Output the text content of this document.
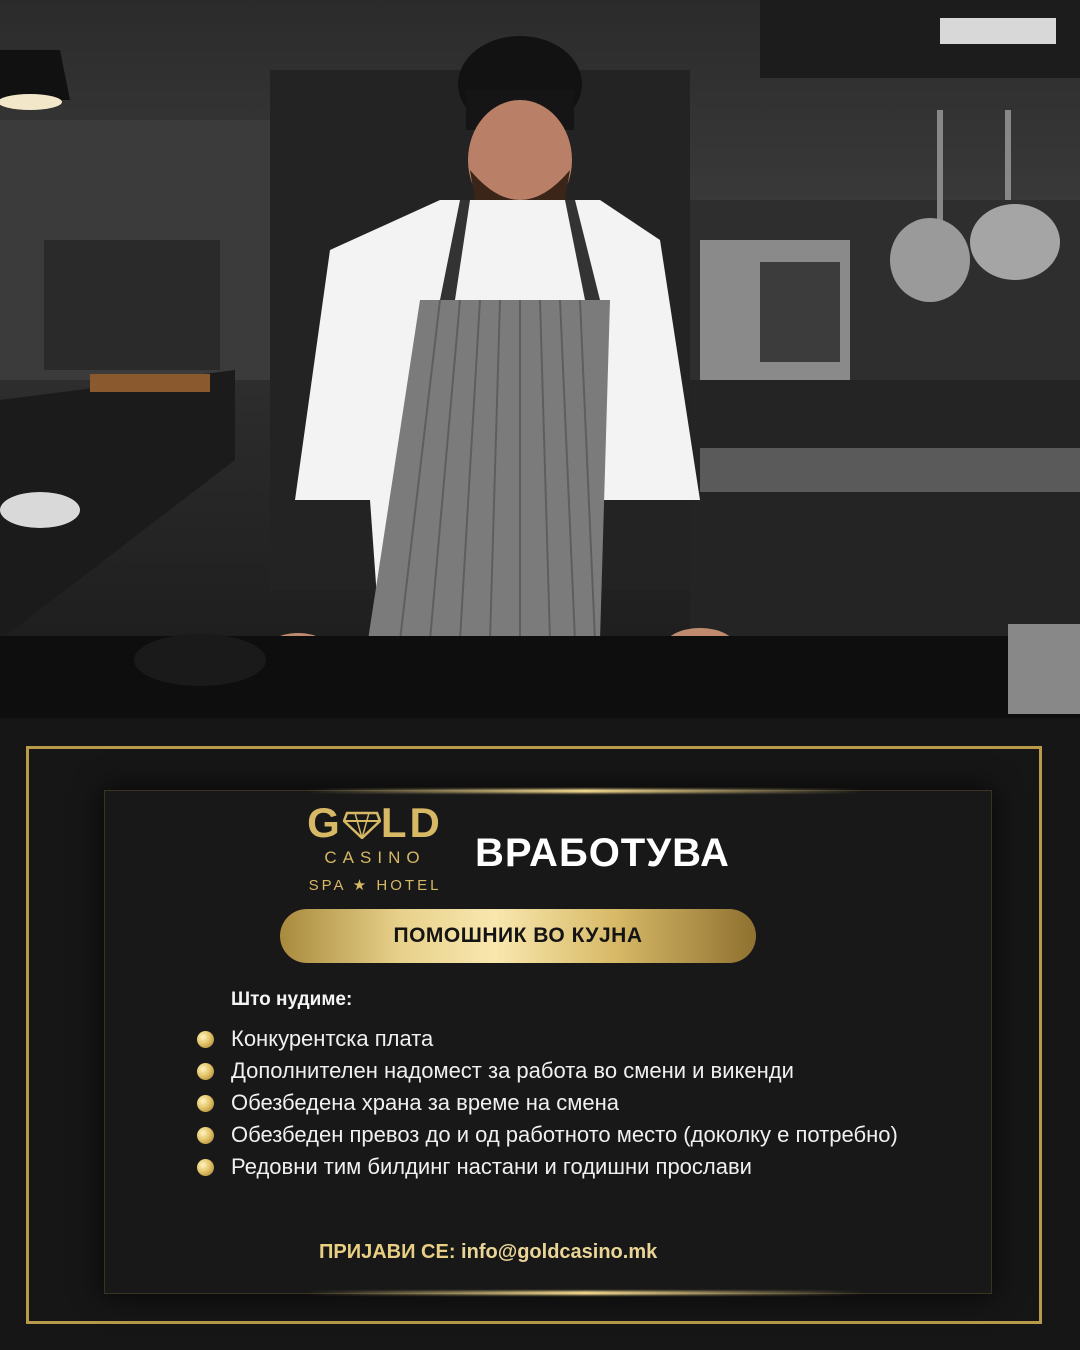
G LD
CASINO
SPA ★ HOTEL
ВРАБОТУВА
ПОМОШНИК ВО КУЈНА
Што нудиме:
Конкурентска плата
Дополнителен надомест за работа во смени и викенди
Обезбедена храна за време на смена
Обезбеден превоз до и од работното место (доколку е потребно)
Редовни тим билдинг настани и годишни прослави
ПРИЈАВИ СЕ: info@goldcasino.mk
